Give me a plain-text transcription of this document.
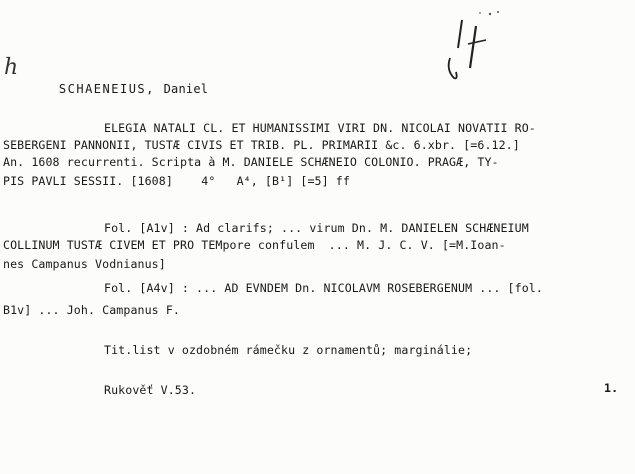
h

SCHAENEIUS, Daniel

ELEGIA NATALI CL. ET HUMANISSIMI VIRI DN. NICOLAI NOVATII RO-
SEBERGENI PANNONII, TUSTÆ CIVIS ET TRIB. PL. PRIMARII &c. 6.xbr. [=6.12.]
An. 1608 recurrenti. Scripta à M. DANIELE SCHÆNEIO COLONIO. PRAGÆ, TY-
PIS PAVLI SESSII. [1608]    4°   A⁴, [B¹] [=5] ff
Fol. [A1v] : Ad clarifs; ... virum Dn. M. DANIELEN SCHÆNEIUM
COLLINUM TUSTÆ CIVEM ET PRO TEMpore confulem  ... M. J. C. V. [=M.Ioan-
nes Campanus Vodnianus]
Fol. [A4v] : ... AD EVNDEM Dn. NICOLAVM ROSEBERGENUM ... [fol.
B1v] ... Joh. Campanus F.
Tit.list v ozdobném rámečku z ornamentů; marginálie;
Rukověť V.53.	1.
